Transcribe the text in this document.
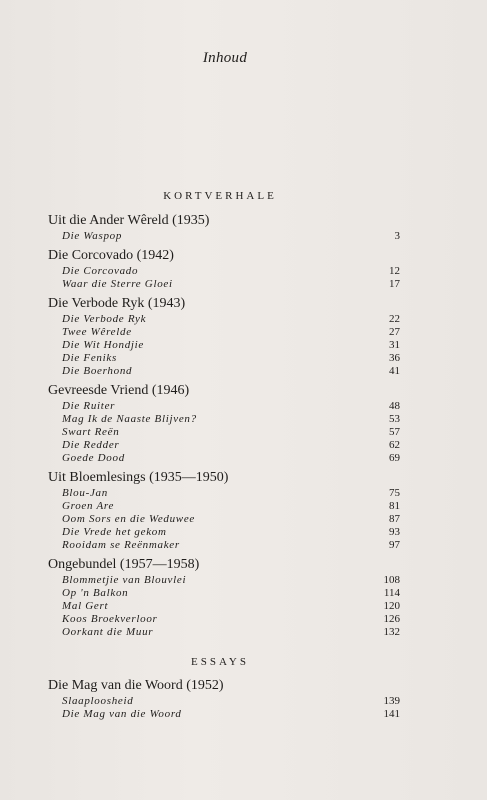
Inhoud
KORTVERHALE
Uit die Ander Wêreld (1935)
Die Waspop	3
Die Corcovado (1942)
Die Corcovado	12
Waar die Sterre Gloei	17
Die Verbode Ryk (1943)
Die Verbode Ryk	22
Twee Wêrelde	27
Die Wit Hondjie	31
Die Feniks	36
Die Boerhond	41
Gevreesde Vriend (1946)
Die Ruiter	48
Mag Ik de Naaste Blijven?	53
Swart Reën	57
Die Redder	62
Goede Dood	69
Uit Bloemlesings (1935—1950)
Blou-Jan	75
Groen Are	81
Oom Sors en die Weduwee	87
Die Vrede het gekom	93
Rooidam se Reënmaker	97
Ongebundel (1957—1958)
Blommetjie van Blouvlei	108
Op 'n Balkon	114
Mal Gert	120
Koos Broekverloor	126
Oorkant die Muur	132
ESSAYS
Die Mag van die Woord (1952)
Slaaploosheid	139
Die Mag van die Woord	141
